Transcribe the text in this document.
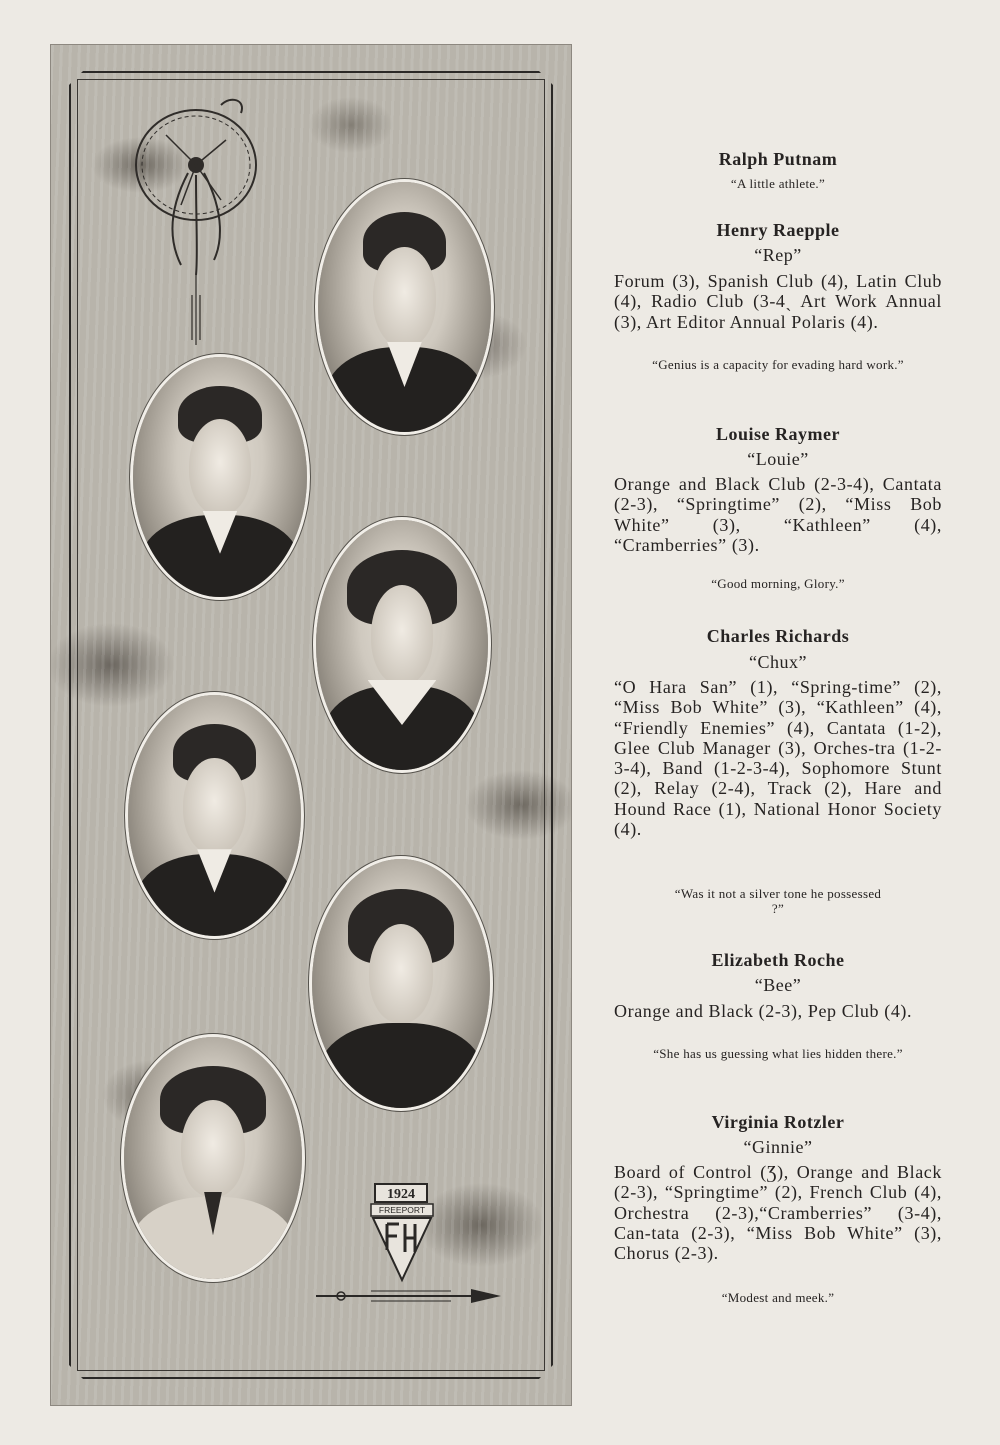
1924
FREEPORT
Ralph Putnam
“A little athlete.”
Henry Raepple
“Rep”
Forum (3), Spanish Club (4), Latin Club (4), Radio Club (3-4ˎ Art Work Annual (3), Art Editor Annual Polaris (4).
“Genius is a capacity for evading hard work.”
Louise Raymer
“Louie”
Orange and Black Club (2-3-4), Cantata (2-3), “Springtime” (2), “Miss Bob White” (3), “Kathleen” (4), “Cramberries” (3).
“Good morning, Glory.”
Charles Richards
“Chux”
“O Hara San” (1), “Spring-time” (2), “Miss Bob White” (3), “Kathleen” (4), “Friendly Enemies” (4), Cantata (1-2), Glee Club Manager (3), Orches-tra (1-2-3-4), Band (1-2-3-4), Sophomore Stunt (2), Relay (2-4), Track (2), Hare and Hound Race (1), National Honor Society (4).
“Was it not a silver tone he possessed ?”
Elizabeth Roche
“Bee”
Orange and Black (2-3), Pep Club (4).
“She has us guessing what lies hidden there.”
Virginia Rotzler
“Ginnie”
Board of Control (Ʒ), Orange and Black (2-3), “Springtime” (2), French Club (4), Orchestra (2-3),“Cramberries” (3-4), Can-tata (2-3), “Miss Bob White” (3), Chorus (2-3).
“Modest and meek.”
